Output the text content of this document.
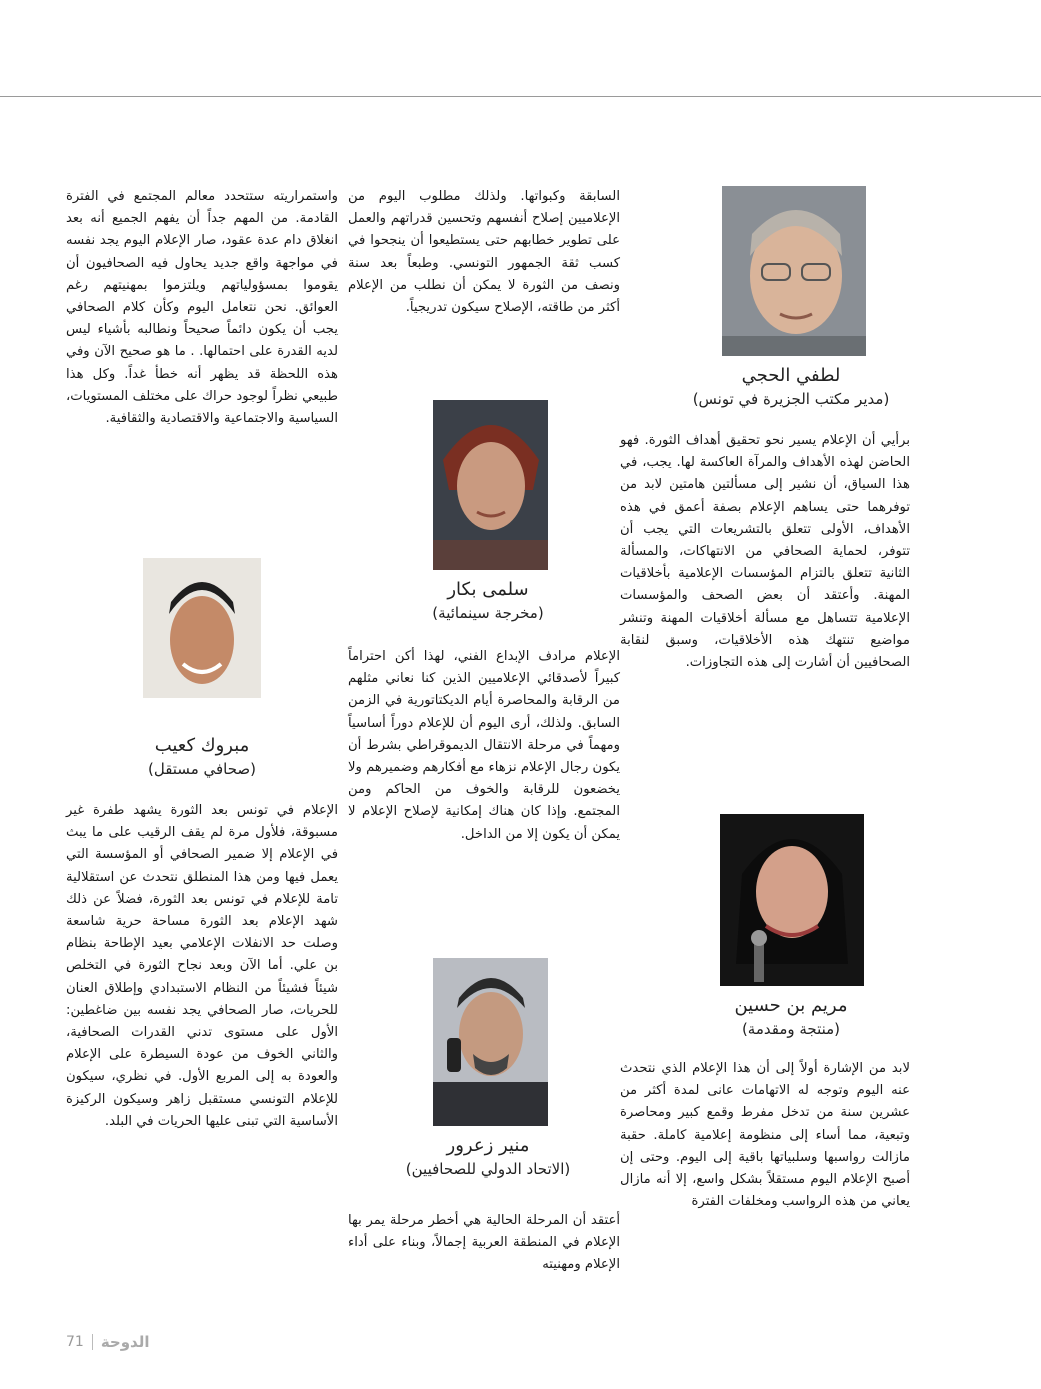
لطفي الحجي
(مدير مكتب الجزيرة في تونس)

برأيي أن الإعلام يسير نحو تحقيق أهداف الثورة. فهو الحاضن لهذه الأهداف والمرآة العاكسة لها. يجب، في هذا السياق، أن نشير إلى مسألتين هامتين لابد من توفرهما حتى يساهم الإعلام بصفة أعمق في هذه الأهداف، الأولى تتعلق بالتشريعات التي يجب أن تتوفر، لحماية الصحافي من الانتهاكات، والمسألة الثانية تتعلق بالتزام المؤسسات الإعلامية بأخلاقيات المهنة. وأعتقد أن بعض الصحف والمؤسسات الإعلامية تتساهل مع مسألة أخلاقيات المهنة وتنشر مواضيع تنتهك هذه الأخلاقيات، وسبق لنقابة الصحافيين أن أشارت إلى هذه التجاوزات.

مريم بن حسين
(منتجة ومقدمة)

لابد من الإشارة أولاً إلى أن هذا الإعلام الذي نتحدث عنه اليوم وتوجه له الاتهامات عانى لمدة أكثر من عشرين سنة من تدخل مفرط وقمع كبير ومحاصرة وتبعية، مما أساء إلى منظومة إعلامية كاملة. حقبة مازالت رواسبها وسلبياتها باقية إلى اليوم. وحتى إن أصبح الإعلام اليوم مستقلاً بشكل واسع، إلا أنه مازال يعاني من هذه الرواسب ومخلفات الفترة

السابقة وكبواتها. ولذلك مطلوب اليوم من الإعلاميين إصلاح أنفسهم وتحسين قدراتهم والعمل على تطوير خطابهم حتى يستطيعوا أن ينجحوا في كسب ثقة الجمهور التونسي. وطبعاً بعد سنة ونصف من الثورة لا يمكن أن نطلب من الإعلام أكثر من طاقته، الإصلاح سيكون تدريجياً.

سلمى بكار
(مخرجة سينمائية)

الإعلام مرادف الإبداع الفني، لهذا أكن احتراماً كبيراً لأصدقائي الإعلاميين الذين كنا نعاني مثلهم من الرقابة والمحاصرة أيام الديكتاتورية في الزمن السابق. ولذلك، أرى اليوم أن للإعلام دوراً أساسياً ومهماً في مرحلة الانتقال الديموقراطي بشرط أن يكون رجال الإعلام نزهاء مع أفكارهم وضميرهم ولا يخضعون للرقابة والخوف من الحاكم ومن المجتمع. وإذا كان هناك إمكانية لإصلاح الإعلام لا يمكن أن يكون إلا من الداخل.

منير زعرور
(الاتحاد الدولي للصحافيين)

أعتقد أن المرحلة الحالية هي أخطر مرحلة يمر بها الإعلام في المنطقة العربية إجمالاً، وبناء على أداء الإعلام ومهنيته

واستمراريته ستتحدد معالم المجتمع في الفترة القادمة. من المهم جداً أن يفهم الجميع أنه بعد انغلاق دام عدة عقود، صار الإعلام اليوم يجد نفسه في مواجهة واقع جديد يحاول فيه الصحافيون أن يقوموا بمسؤولياتهم ويلتزموا بمهنيتهم رغم العوائق. نحن نتعامل اليوم وكأن كلام الصحافي يجب أن يكون دائماً صحيحاً ونطالبه بأشياء ليس لديه القدرة على احتمالها. . ما هو صحيح الآن وفي هذه اللحظة قد يظهر أنه خطأ غداً. وكل هذا طبيعي نظراً لوجود حراك على مختلف المستويات، السياسية والاجتماعية والاقتصادية والثقافية.

مبروك كعيب
(صحافي مستقل)

الإعلام في تونس بعد الثورة يشهد طفرة غير مسبوقة، فلأول مرة لم يقف الرقيب على ما يبث في الإعلام إلا ضمير الصحافي أو المؤسسة التي يعمل فيها ومن هذا المنطلق نتحدث عن استقلالية تامة للإعلام في تونس بعد الثورة، فضلاً عن ذلك شهد الإعلام بعد الثورة مساحة حرية شاسعة وصلت حد الانفلات الإعلامي بعيد الإطاحة بنظام بن علي. أما الآن وبعد نجاح الثورة في التخلص شيئاً فشيئاً من النظام الاستبدادي وإطلاق العنان للحريات، صار الصحافي يجد نفسه بين ضاغطين: الأول على مستوى تدني القدرات الصحافية، والثاني الخوف من عودة السيطرة على الإعلام والعودة به إلى المربع الأول. في نظري، سيكون للإعلام التونسي مستقبل زاهر وسيكون الركيزة الأساسية التي تبنى عليها الحريات في البلد.

71 الدوحة
